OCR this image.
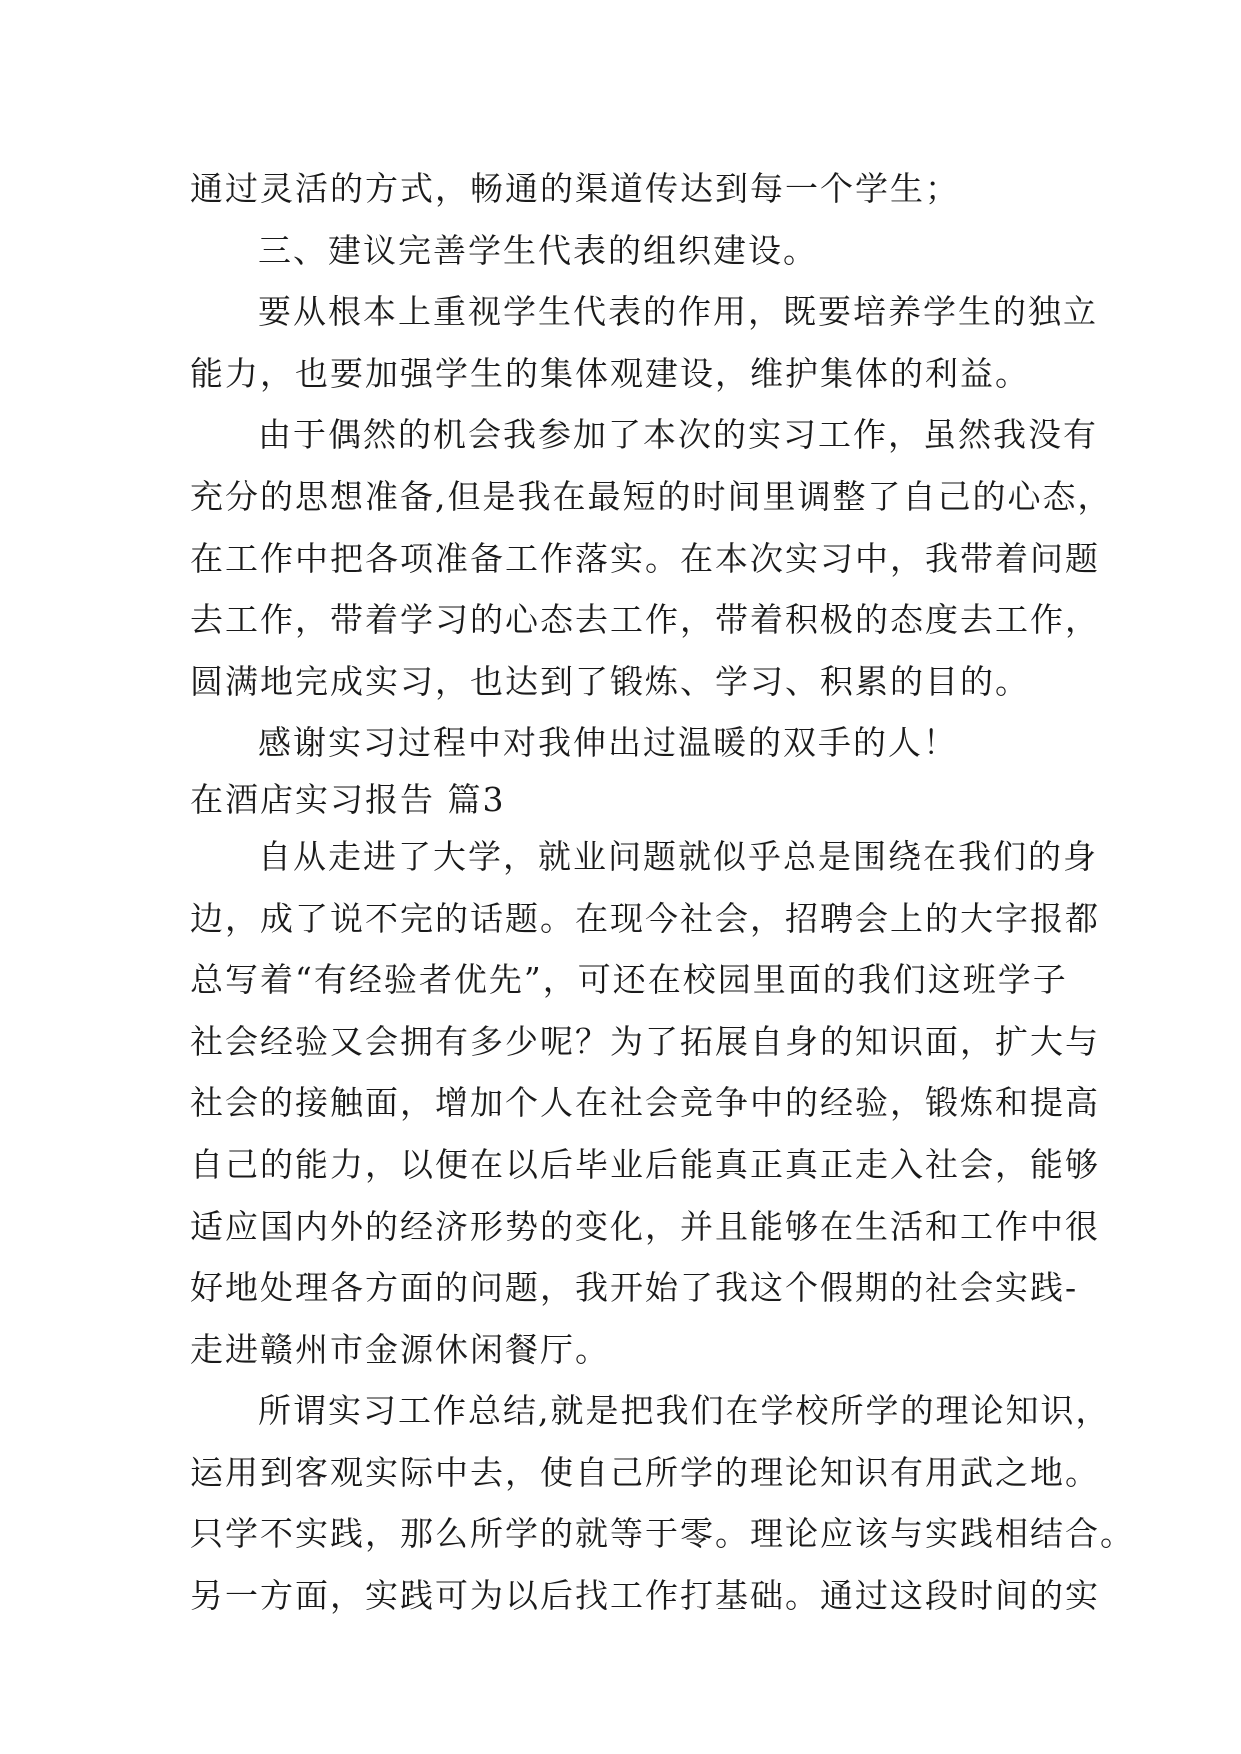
通过灵活的方式，畅通的渠道传达到每一个学生；
三、建议完善学生代表的组织建设。
要从根本上重视学生代表的作用，既要培养学生的独立
能力，也要加强学生的集体观建设，维护集体的利益。
由于偶然的机会我参加了本次的实习工作，虽然我没有
充分的思想准备,但是我在最短的时间里调整了自己的心态，
在工作中把各项准备工作落实。在本次实习中，我带着问题
去工作，带着学习的心态去工作，带着积极的态度去工作，
圆满地完成实习，也达到了锻炼、学习、积累的目的。
感谢实习过程中对我伸出过温暖的双手的人！
在酒店实习报告 篇3
自从走进了大学，就业问题就似乎总是围绕在我们的身
边，成了说不完的话题。在现今社会，招聘会上的大字报都
总写着“有经验者优先”，可还在校园里面的我们这班学子
社会经验又会拥有多少呢？为了拓展自身的知识面，扩大与
社会的接触面，增加个人在社会竞争中的经验，锻炼和提高
自己的能力，以便在以后毕业后能真正真正走入社会，能够
适应国内外的经济形势的变化，并且能够在生活和工作中很
好地处理各方面的问题，我开始了我这个假期的社会实践-
走进赣州市金源休闲餐厅。
所谓实习工作总结,就是把我们在学校所学的理论知识，
运用到客观实际中去，使自己所学的理论知识有用武之地。
只学不实践，那么所学的就等于零。理论应该与实践相结合。
另一方面，实践可为以后找工作打基础。通过这段时间的实
